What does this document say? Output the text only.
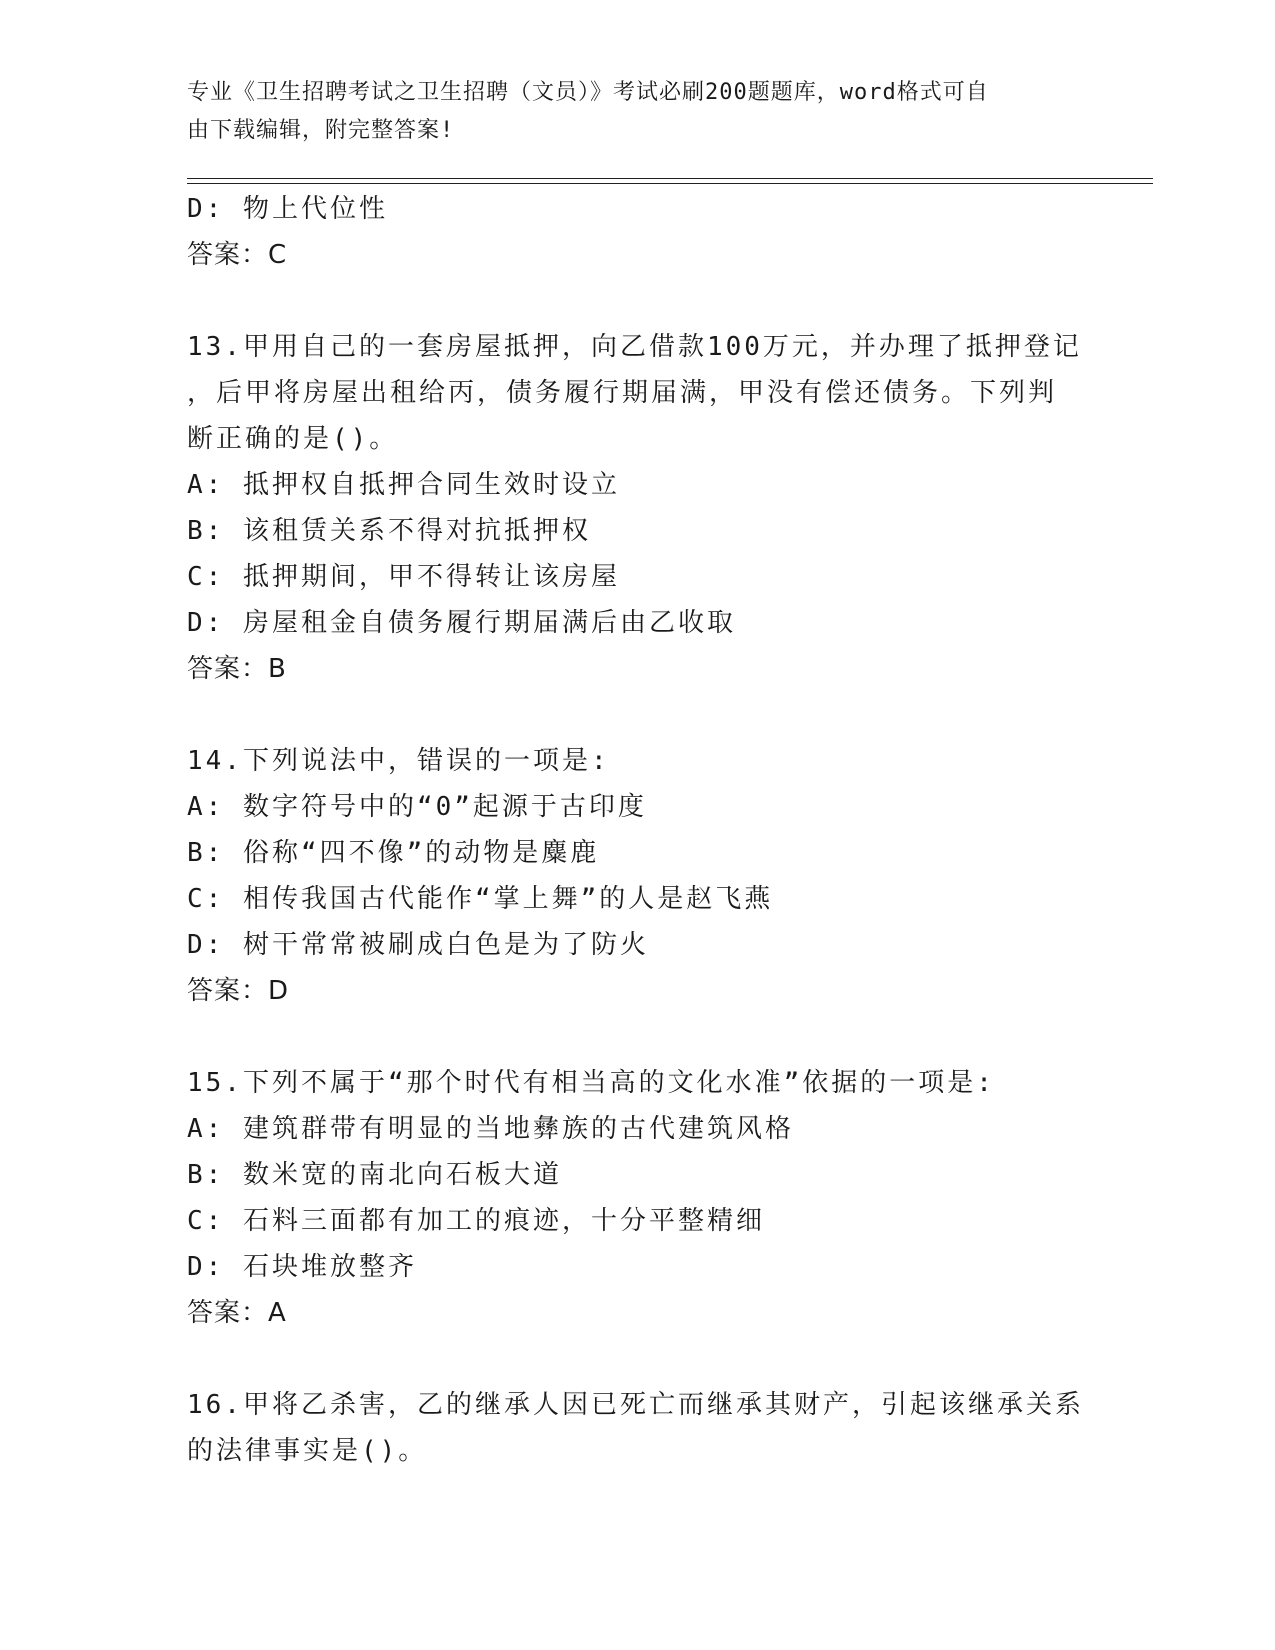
专业《卫生招聘考试之卫生招聘（文员）》考试必刷200题题库，word格式可自
由下载编辑，附完整答案!
D: 物上代位性
答案：C
13.甲用自己的一套房屋抵押，向乙借款100万元，并办理了抵押登记
，后甲将房屋出租给丙，债务履行期届满，甲没有偿还债务。下列判
断正确的是()。
A: 抵押权自抵押合同生效时设立
B: 该租赁关系不得对抗抵押权
C: 抵押期间，甲不得转让该房屋
D: 房屋租金自债务履行期届满后由乙收取
答案：B
14.下列说法中，错误的一项是:
A: 数字符号中的“0”起源于古印度
B: 俗称“四不像”的动物是麋鹿
C: 相传我国古代能作“掌上舞”的人是赵飞燕
D: 树干常常被刷成白色是为了防火
答案：D
15.下列不属于“那个时代有相当高的文化水准”依据的一项是:
A: 建筑群带有明显的当地彝族的古代建筑风格
B: 数米宽的南北向石板大道
C: 石料三面都有加工的痕迹，十分平整精细
D: 石块堆放整齐
答案：A
16.甲将乙杀害，乙的继承人因已死亡而继承其财产，引起该继承关系
的法律事实是()。
